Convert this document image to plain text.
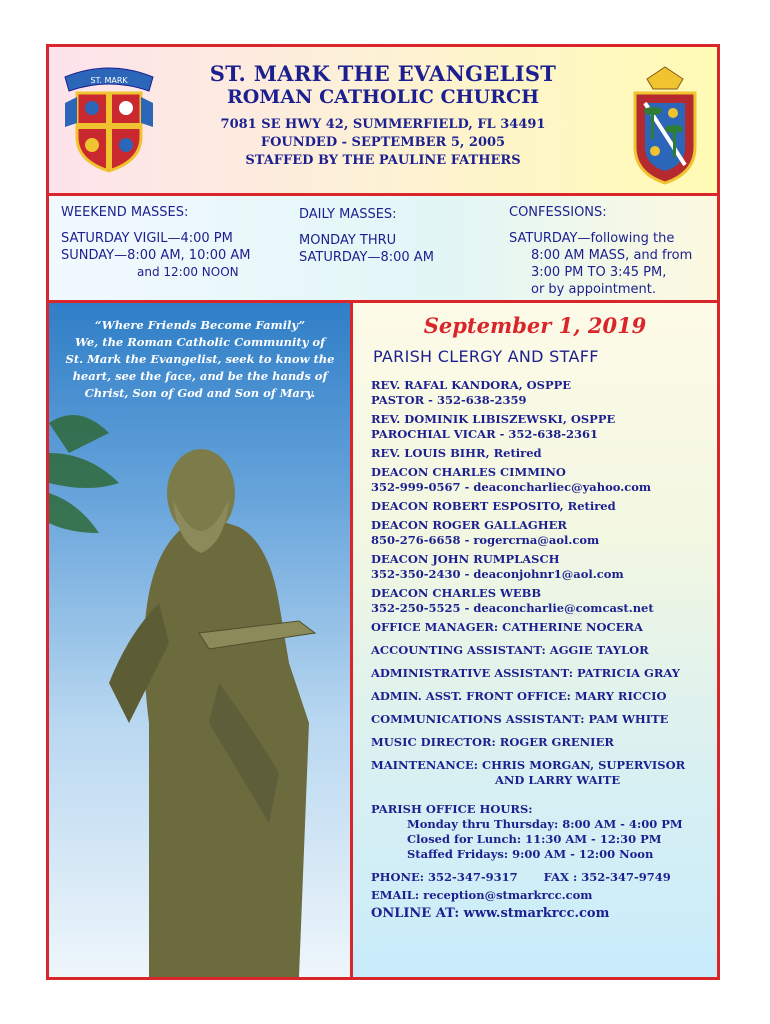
ST. MARK	ST. MARK THE EVANGELIST
ROMAN CATHOLIC CHURCH
7081 SE HWY 42, SUMMERFIELD, FL 34491
FOUNDED - SEPTEMBER 5, 2005
STAFFED BY THE PAULINE FATHERS
WEEKEND MASSES:
SATURDAY VIGIL—4:00 PM
SUNDAY—8:00 AM, 10:00 AM
and 12:00 NOON
DAILY MASSES:
MONDAY THRU
SATURDAY—8:00 AM
CONFESSIONS:
SATURDAY—following the
8:00 AM MASS, and from
3:00 PM TO 3:45 PM,
or by appointment.
“Where Friends Become Family”
We, the Roman Catholic Community of St. Mark the Evangelist, seek to know the heart, see the face, and be the hands of Christ, Son of God and Son of Mary.
September 1, 2019
PARISH CLERGY AND STAFF
REV. RAFAL KANDORA, OSPPE
PASTOR - 352-638-2359
REV. DOMINIK LIBISZEWSKI, OSPPE
PAROCHIAL VICAR - 352-638-2361
REV. LOUIS BIHR, Retired
DEACON CHARLES CIMMINO
352-999-0567 - deaconcharliec@yahoo.com
DEACON ROBERT ESPOSITO, Retired
DEACON ROGER GALLAGHER
850-276-6658 - rogercrna@aol.com
DEACON JOHN RUMPLASCH
352-350-2430 - deaconjohnr1@aol.com
DEACON CHARLES WEBB
352-250-5525 - deaconcharlie@comcast.net
OFFICE MANAGER: CATHERINE NOCERA
ACCOUNTING ASSISTANT: AGGIE TAYLOR
ADMINISTRATIVE ASSISTANT: PATRICIA GRAY
ADMIN. ASST. FRONT OFFICE: MARY RICCIO
COMMUNICATIONS ASSISTANT: PAM WHITE
MUSIC DIRECTOR: ROGER GRENIER
MAINTENANCE: CHRIS MORGAN, SUPERVISOR
AND LARRY WAITE
PARISH OFFICE HOURS:
Monday thru Thursday: 8:00 AM - 4:00 PM
Closed for Lunch: 11:30 AM - 12:30 PM
Staffed Fridays: 9:00 AM - 12:00 Noon
PHONE: 352-347-9317 FAX : 352-347-9749
EMAIL: reception@stmarkrcc.com
ONLINE AT: www.stmarkrcc.com
